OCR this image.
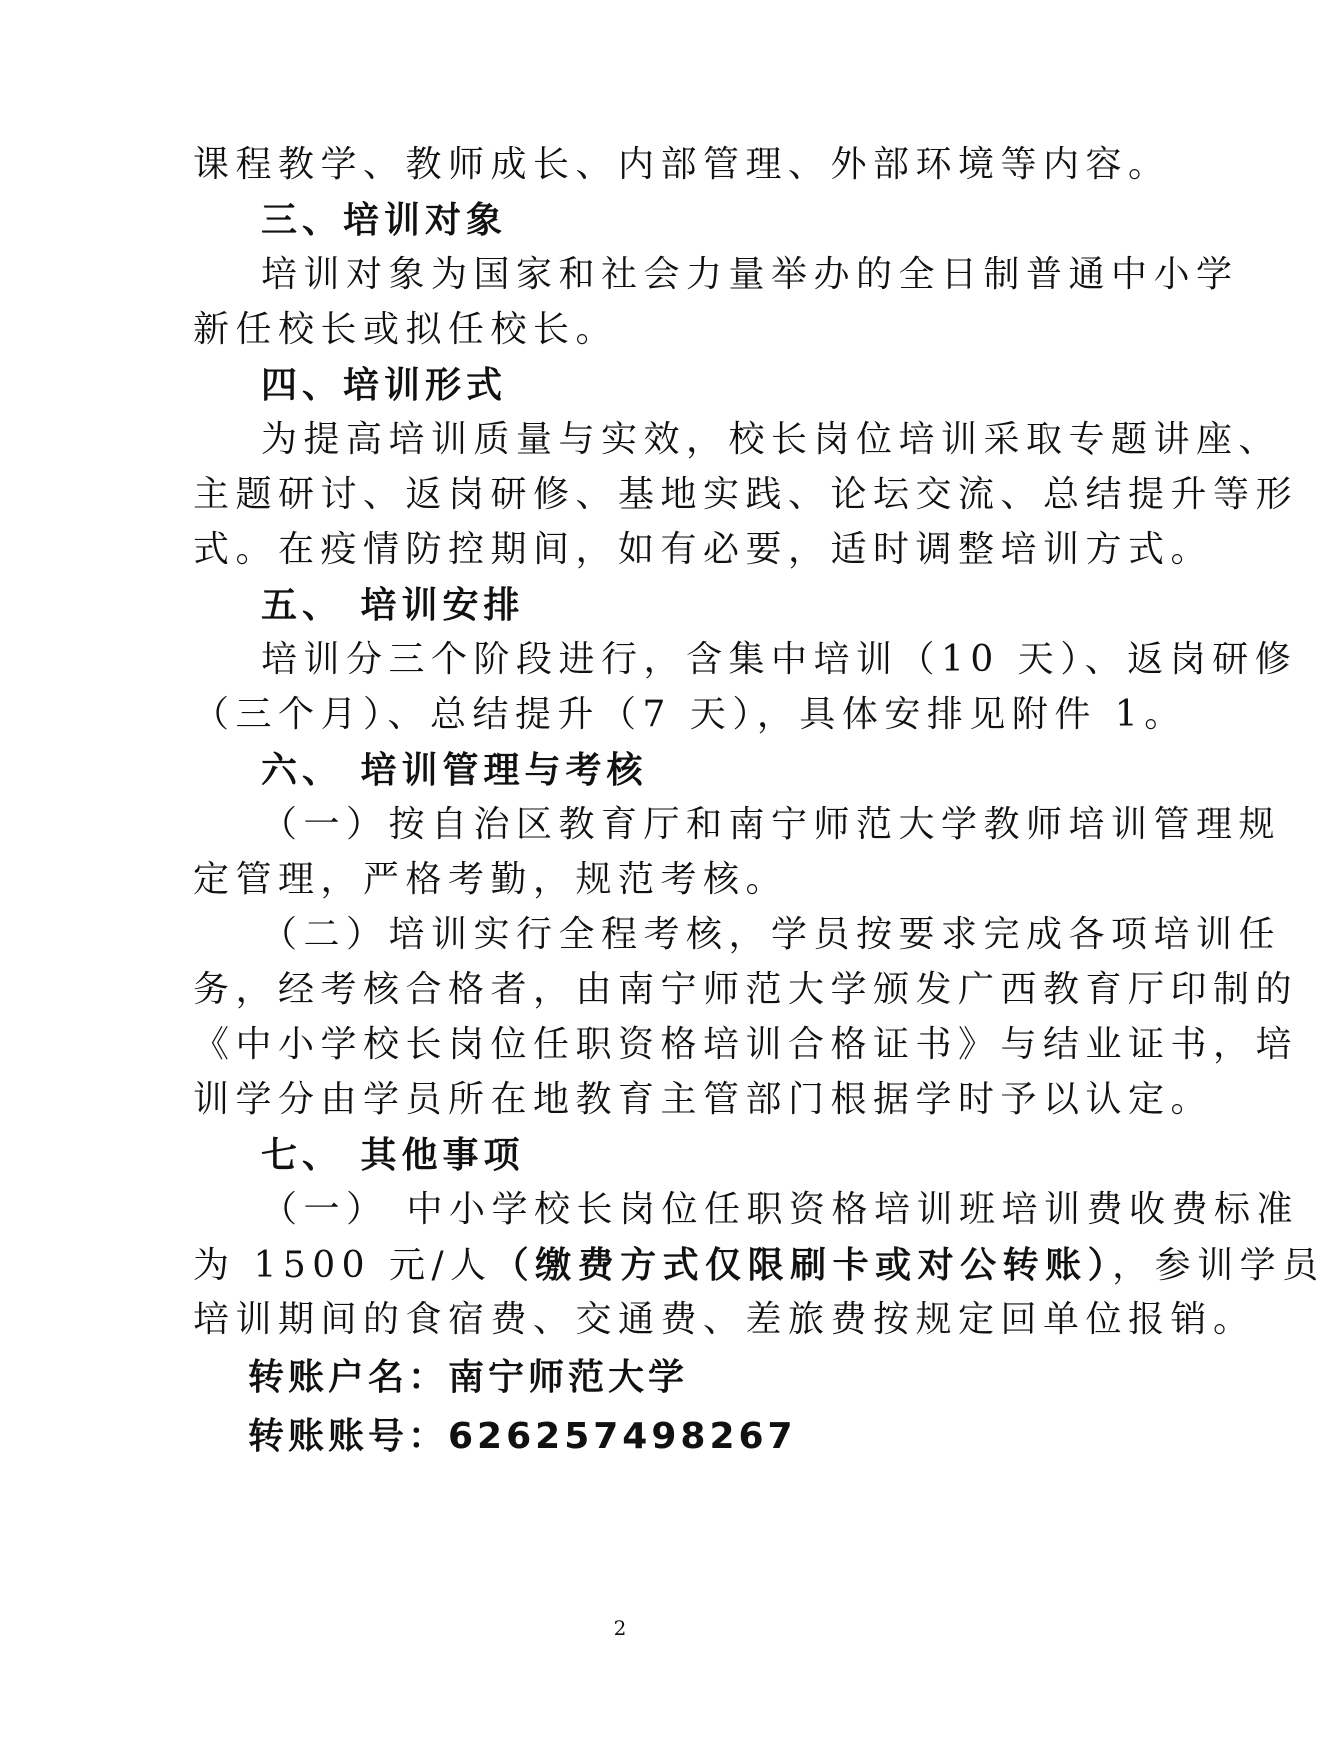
课程教学、教师成长、内部管理、外部环境等内容。
三、培训对象
培训对象为国家和社会力量举办的全日制普通中小学
新任校长或拟任校长。
四、培训形式
为提高培训质量与实效，校长岗位培训采取专题讲座、
主题研讨、返岗研修、基地实践、论坛交流、总结提升等形
式。在疫情防控期间，如有必要，适时调整培训方式。
五、 培训安排
培训分三个阶段进行，含集中培训（10 天）、返岗研修
（三个月）、总结提升（7 天），具体安排见附件 1。
六、 培训管理与考核
（一）按自治区教育厅和南宁师范大学教师培训管理规
定管理，严格考勤，规范考核。
（二）培训实行全程考核，学员按要求完成各项培训任
务，经考核合格者，由南宁师范大学颁发广西教育厅印制的
《中小学校长岗位任职资格培训合格证书》与结业证书，培
训学分由学员所在地教育主管部门根据学时予以认定。
七、 其他事项
（一） 中小学校长岗位任职资格培训班培训费收费标准
为 1500 元/人（缴费方式仅限刷卡或对公转账），参训学员
培训期间的食宿费、交通费、差旅费按规定回单位报销。
转账户名：南宁师范大学
转账账号：626257498267
2
